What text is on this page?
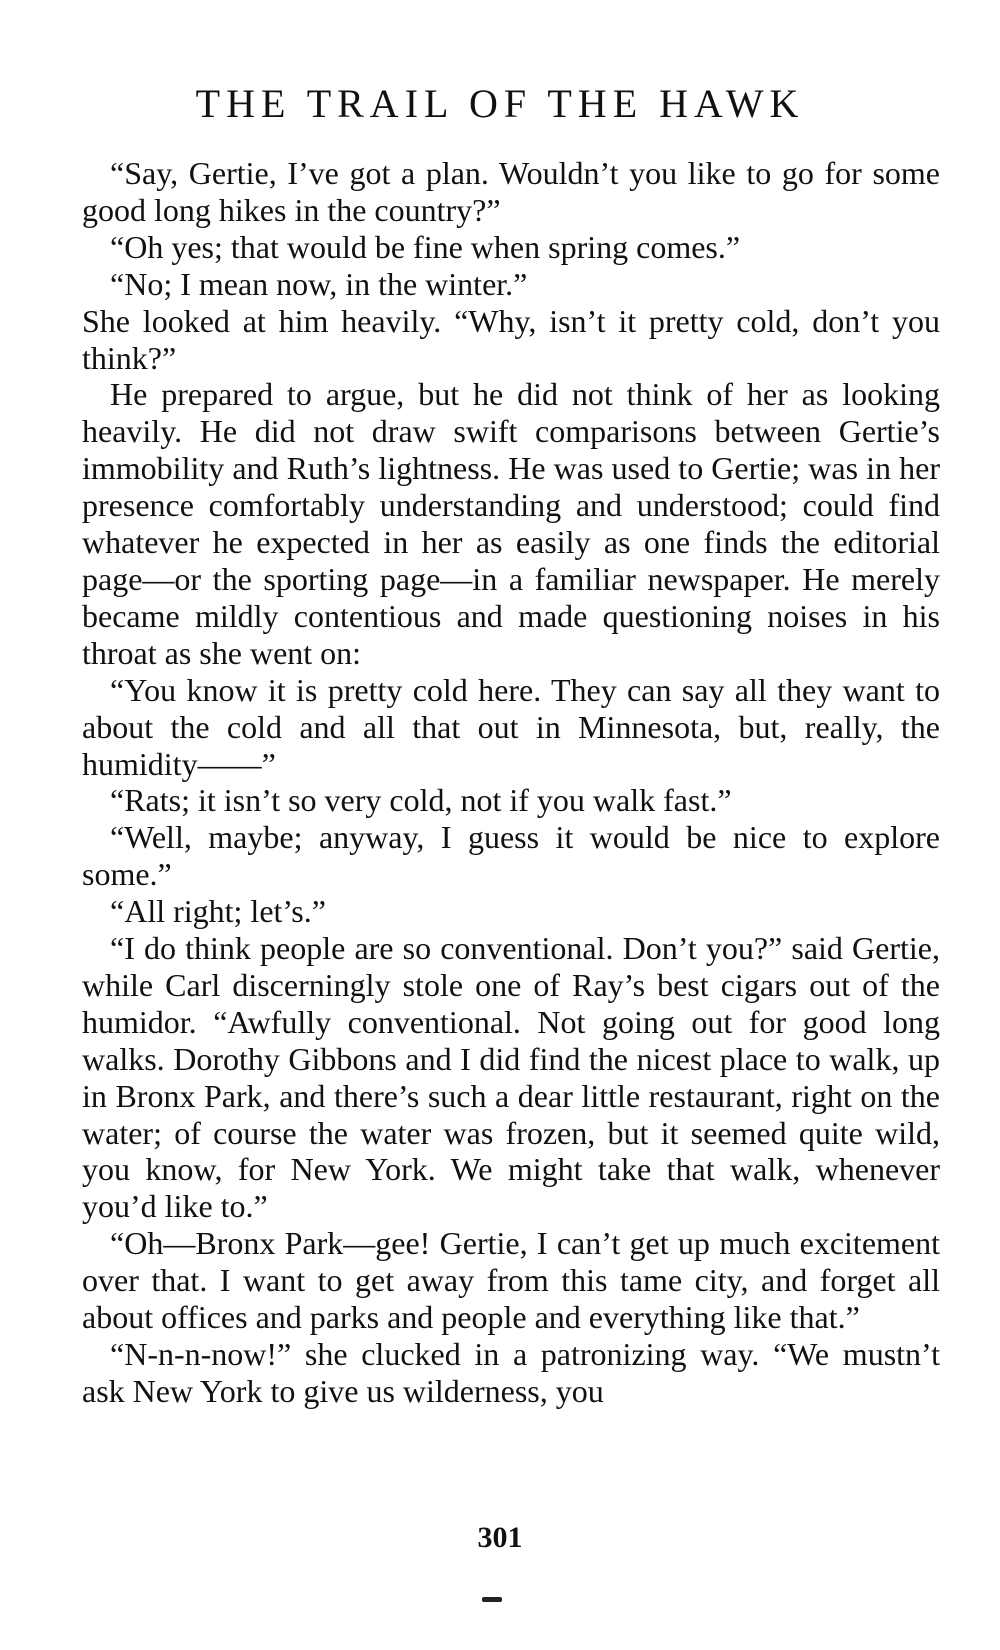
THE TRAIL OF THE HAWK

“Say, Gertie, I’ve got a plan. Wouldn’t you like to go for some good long hikes in the country?”

“Oh yes; that would be fine when spring comes.”

“No; I mean now, in the winter.”

She looked at him heavily. “Why, isn’t it pretty cold, don’t you think?”

He prepared to argue, but he did not think of her as looking heavily. He did not draw swift comparisons between Gertie’s immobility and Ruth’s lightness. He was used to Gertie; was in her presence comfortably understanding and understood; could find whatever he expected in her as easily as one finds the editorial page—or the sporting page—in a familiar newspaper. He merely became mildly contentious and made questioning noises in his throat as she went on:

“You know it is pretty cold here. They can say all they want to about the cold and all that out in Minnesota, but, really, the humidity——”

“Rats; it isn’t so very cold, not if you walk fast.”

“Well, maybe; anyway, I guess it would be nice to explore some.”

“All right; let’s.”

“I do think people are so conventional. Don’t you?” said Gertie, while Carl discerningly stole one of Ray’s best cigars out of the humidor. “Awfully conventional. Not going out for good long walks. Dorothy Gibbons and I did find the nicest place to walk, up in Bronx Park, and there’s such a dear little restaurant, right on the water; of course the water was frozen, but it seemed quite wild, you know, for New York. We might take that walk, whenever you’d like to.”

“Oh—Bronx Park—gee! Gertie, I can’t get up much excitement over that. I want to get away from this tame city, and forget all about offices and parks and people and everything like that.”

“N-n-n-now!” she clucked in a patronizing way. “We mustn’t ask New York to give us wilderness, you

301
